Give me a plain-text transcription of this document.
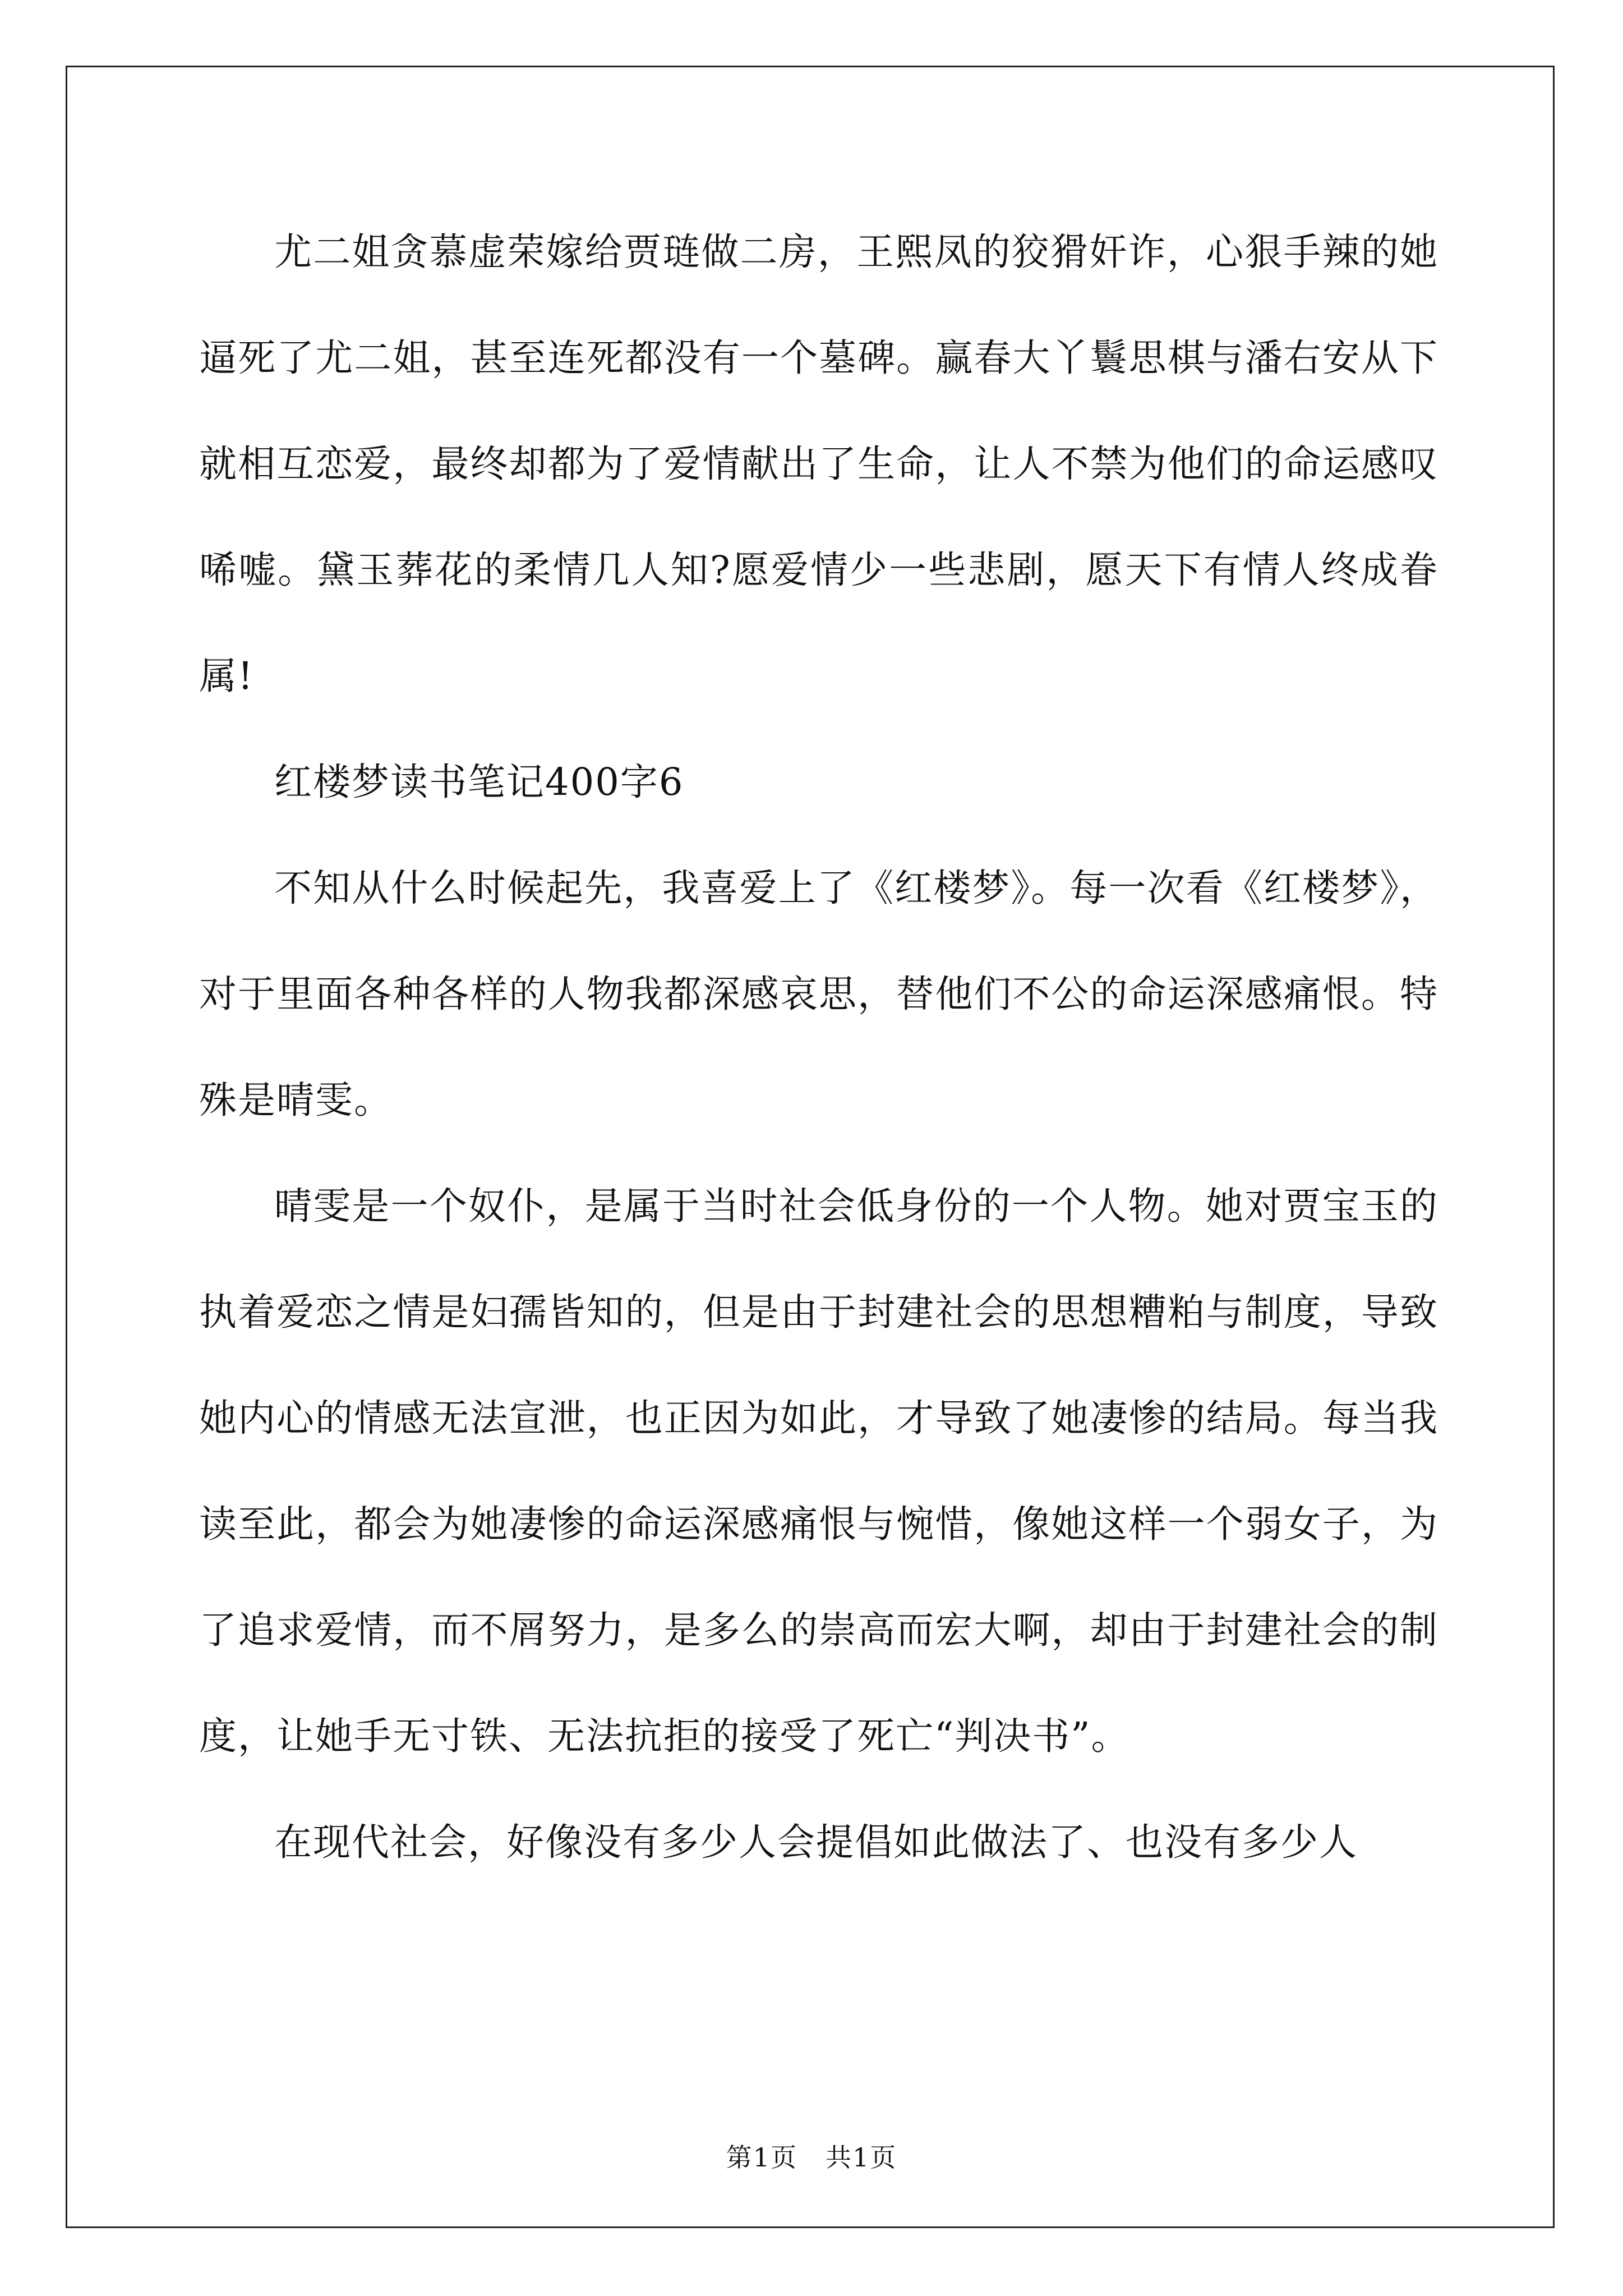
尤二姐贪慕虚荣嫁给贾琏做二房，王熙凤的狡猾奸诈，心狠手辣的她逼死了尤二姐，甚至连死都没有一个墓碑。赢春大丫鬟思棋与潘右安从下就相互恋爱，最终却都为了爱情献出了生命，让人不禁为他们的命运感叹唏嘘。黛玉葬花的柔情几人知?愿爱情少一些悲剧，愿天下有情人终成眷属!

红楼梦读书笔记400字6

不知从什么时候起先，我喜爱上了《红楼梦》。每一次看《红楼梦》，对于里面各种各样的人物我都深感哀思，替他们不公的命运深感痛恨。特殊是晴雯。

晴雯是一个奴仆，是属于当时社会低身份的一个人物。她对贾宝玉的执着爱恋之情是妇孺皆知的，但是由于封建社会的思想糟粕与制度，导致她内心的情感无法宣泄，也正因为如此，才导致了她凄惨的结局。每当我读至此，都会为她凄惨的命运深感痛恨与惋惜，像她这样一个弱女子，为了追求爱情，而不屑努力，是多么的崇高而宏大啊，却由于封建社会的制度，让她手无寸铁、无法抗拒的接受了死亡“判决书”。

在现代社会，好像没有多少人会提倡如此做法了、也没有多少人

第1页 共1页
